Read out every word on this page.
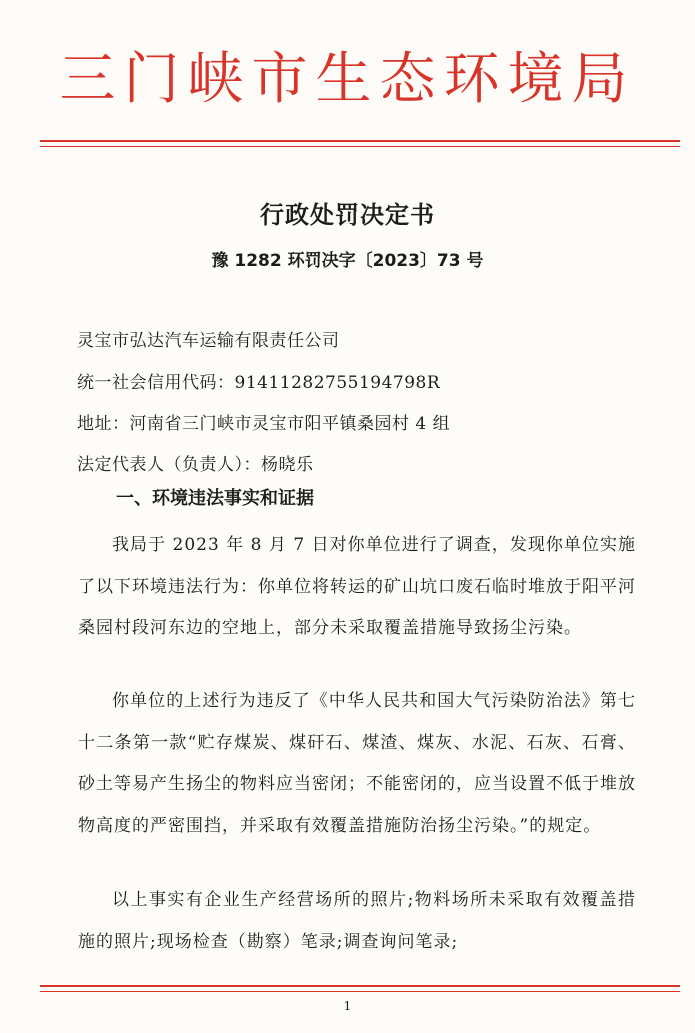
三门峡市生态环境局
行政处罚决定书
豫 1282 环罚决字〔2023〕73 号
灵宝市弘达汽车运输有限责任公司
统一社会信用代码：91411282755194798R
地址：河南省三门峡市灵宝市阳平镇桑园村 4 组
法定代表人（负责人）：杨晓乐
一、环境违法事实和证据

我局于 2023 年 8 月 7 日对你单位进行了调查，发现你单位实施了以下环境违法行为：你单位将转运的矿山坑口废石临时堆放于阳平河桑园村段河东边的空地上，部分未采取覆盖措施导致扬尘污染。

你单位的上述行为违反了《中华人民共和国大气污染防治法》第七十二条第一款“贮存煤炭、煤矸石、煤渣、煤灰、水泥、石灰、石膏、砂土等易产生扬尘的物料应当密闭；不能密闭的，应当设置不低于堆放物高度的严密围挡，并采取有效覆盖措施防治扬尘污染。”的规定。

以上事实有企业生产经营场所的照片;物料场所未采取有效覆盖措施的照片;现场检查（勘察）笔录;调查询问笔录;

1
